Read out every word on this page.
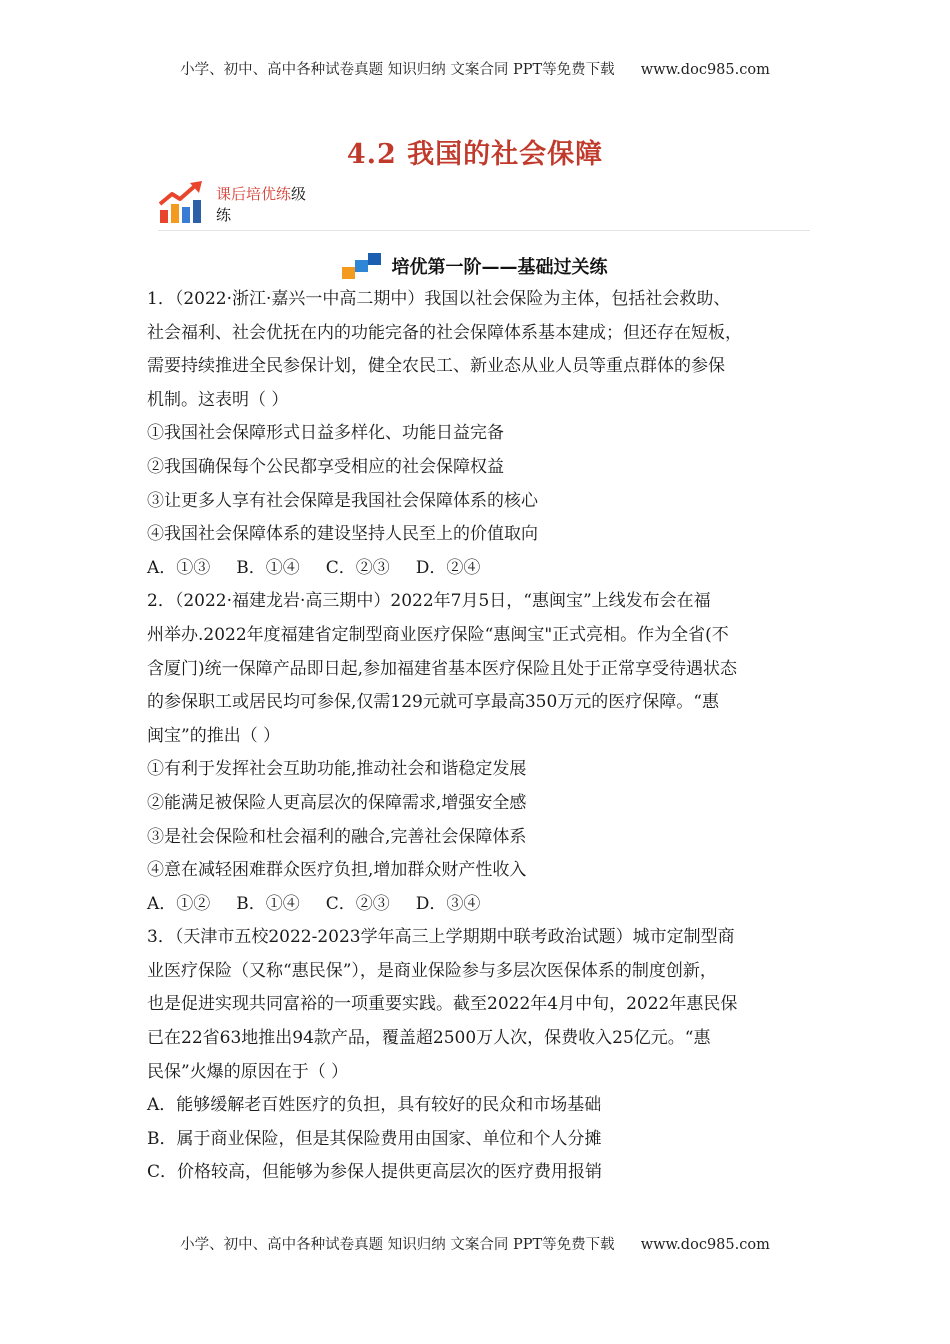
小学、初中、高中各种试卷真题 知识归纳 文案合同 PPT等免费下载 www.doc985.com
4.2 我国的社会保障
课后培优练级
练
培优第一阶——基础过关练

1．（2022·浙江·嘉兴一中高二期中）我国以社会保险为主体，包括社会救助、

社会福利、社会优抚在内的功能完备的社会保障体系基本建成；但还存在短板，

需要持续推进全民参保计划，健全农民工、新业态从业人员等重点群体的参保

机制。这表明（ ）

①我国社会保障形式日益多样化、功能日益完备

②我国确保每个公民都享受相应的社会保障权益

③让更多人享有社会保障是我国社会保障体系的核心

④我国社会保障体系的建设坚持人民至上的价值取向

A．①③ B．①④ C．②③ D．②④

2．（2022·福建龙岩·高三期中）2022年7月5日，“惠闽宝”上线发布会在福

州举办.2022年度福建省定制型商业医疗保险“惠闽宝"正式亮相。作为全省(不

含厦门)统一保障产品即日起,参加福建省基本医疗保险且处于正常享受待遇状态

的参保职工或居民均可参保,仅需129元就可享最高350万元的医疗保障。“惠

闽宝”的推出（ ）

①有利于发挥社会互助功能,推动社会和谐稳定发展

②能满足被保险人更高层次的保障需求,增强安全感

③是社会保险和杜会福利的融合,完善社会保障体系

④意在减轻困难群众医疗负担,增加群众财产性收入

A．①② B．①④ C．②③ D．③④

3．（天津市五校2022-2023学年高三上学期期中联考政治试题）城市定制型商

业医疗保险（又称“惠民保”），是商业保险参与多层次医保体系的制度创新，

也是促进实现共同富裕的一项重要实践。截至2022年4月中旬，2022年惠民保

已在22省63地推出94款产品，覆盖超2500万人次，保费收入25亿元。“惠

民保”火爆的原因在于（ ）

A．能够缓解老百姓医疗的负担，具有较好的民众和市场基础

B．属于商业保险，但是其保险费用由国家、单位和个人分摊

C．价格较高，但能够为参保人提供更高层次的医疗费用报销

小学、初中、高中各种试卷真题 知识归纳 文案合同 PPT等免费下载 www.doc985.com
